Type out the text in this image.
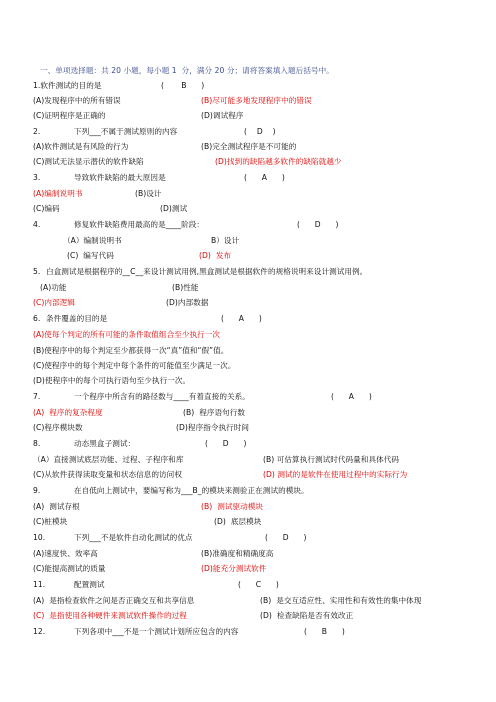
一、单项选择题：共 20 小题，每小题 1  分，满分 20 分；请将答案填入题后括号中。
1.软件测试的目的是	(       B      )
(A)发现程序中的所有错误	(B)尽可能多地发现程序中的错误
(C)证明程序是正确的	(D)调试程序
2.	下列___不属于测试原则的内容	(    D    )
(A)软件测试是有风险的行为	(B)完全测试程序是不可能的
(C)测试无法显示潜伏的软件缺陷	(D)找到的缺陷越多软件的缺陷就越少
3.	导致软件缺陷的最大原因是	(      A      )
(A)编制说明书	(B)设计
(C)编码	(D)测试
4.	修复软件缺陷费用最高的是____阶段：	(      D      )
（A）编制说明书	B）设计
(C)  编写代码	(D)  发布
5. 白盒测试是根据程序的__C__来设计测试用例,黑盒测试是根据软件的规格说明来设计测试用例。
(A)功能	(B)性能
(C)内部逻辑	(D)内部数据
6. 条件覆盖的目的是	(      A      )
(A)使每个判定的所有可能的条件取值组合至少执行一次
(B)使程序中的每个判定至少都获得一次“真”值和“假”值。
(C)使程序中的每个判定中每个条件的可能值至少满足一次。
(D)使程序中的每个可执行语句至少执行一次。
7.	一个程序中所含有的路径数与____有着直接的关系。	(      A      )
(A)  程序的复杂程度	(B)  程序语句行数
(C)程序模块数	(D)程序指令执行时间
8.	动态黑盒子测试：	(      D      )
（A）直接测试底层功能、过程、子程序和库	(B) 可估算执行测试时代码量和具体代码
(C)从软件获得读取变量和状态信息的访问权	(D) 测试的是软件在使用过程中的实际行为
9.	在自低向上测试中，要编写称为___B_的模块来测验正在测试的模块。
(A)  测试存根	(B)  测试驱动模块
(C)桩模块	(D)  底层模块
10.	下列___不是软件自动化测试的优点	(      D      )
(A)速度快、效率高	(B)准确度和精确度高
(C)能提高测试的质量	(D)能充分测试软件
11.	配置测试	(      C      )
(A)  是指检查软件之间是否正确交互和共享信息	(B)  是交互适应性、实用性和有效性的集中体现
(C)  是指使用各种硬件来测试软件操作的过程	(D)  检查缺陷是否有效改正
12.	下列各项中___不是一个测试计划所应包含的内容	(      B      )
